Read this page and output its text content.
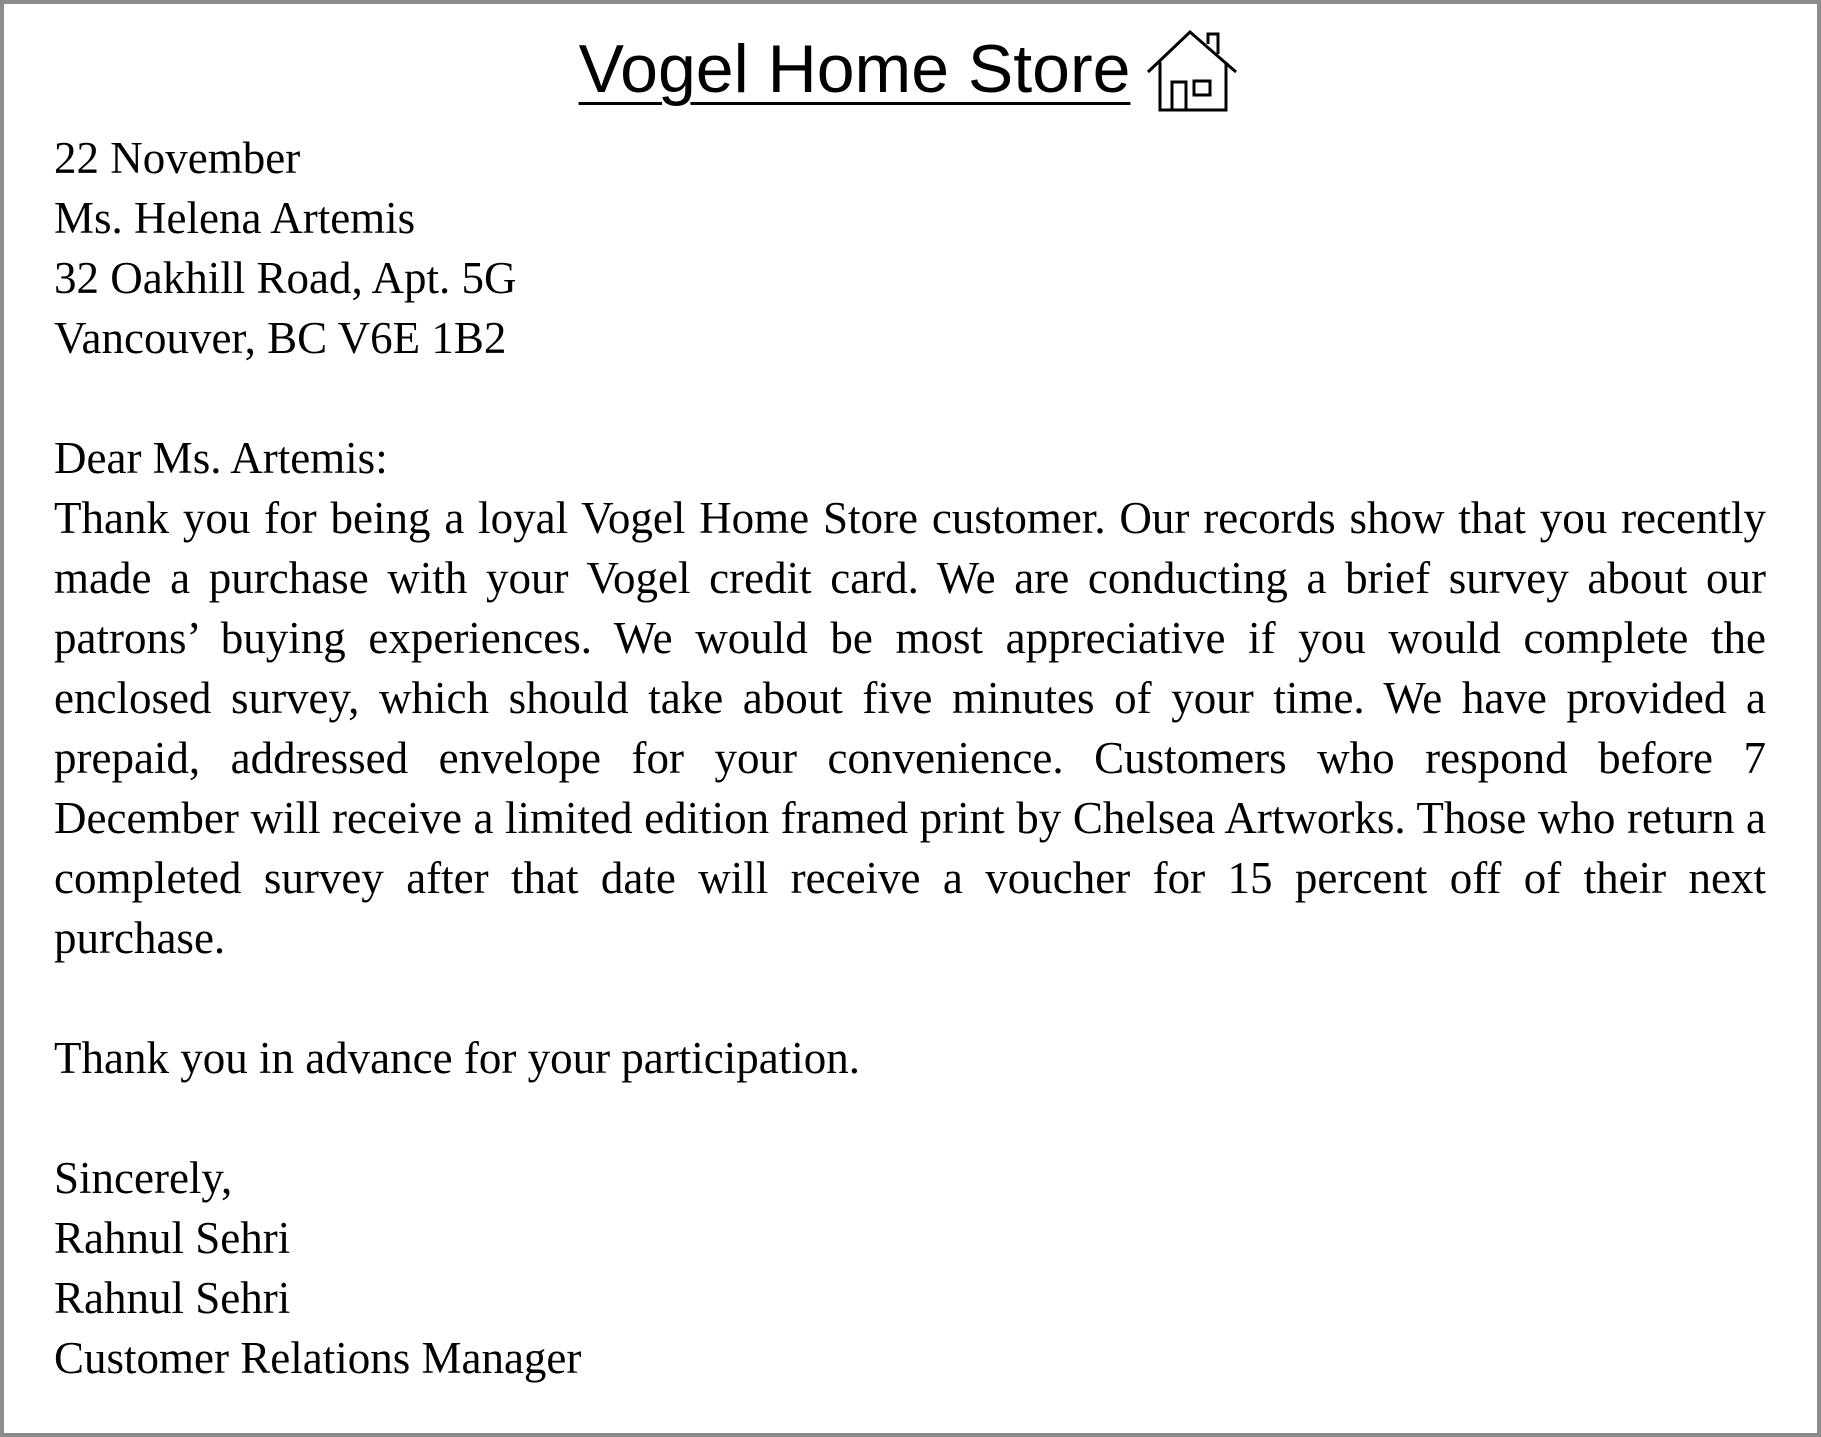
Vogel Home Store
22 November
Ms. Helena Artemis
32 Oakhill Road, Apt. 5G
Vancouver, BC V6E 1B2
Dear Ms. Artemis:
Thank you for being a loyal Vogel Home Store customer. Our records show that you recently made a purchase with your Vogel credit card. We are conducting a brief survey about our patrons’ buying experiences. We would be most appreciative if you would complete the enclosed survey, which should take about five minutes of your time. We have provided a prepaid, addressed envelope for your convenience. Customers who respond before 7 December will receive a limited edition framed print by Chelsea Artworks. Those who return a completed survey after that date will receive a voucher for 15 percent off of their next purchase.
Thank you in advance for your participation.
Sincerely,
Rahnul Sehri
Rahnul Sehri
Customer Relations Manager
